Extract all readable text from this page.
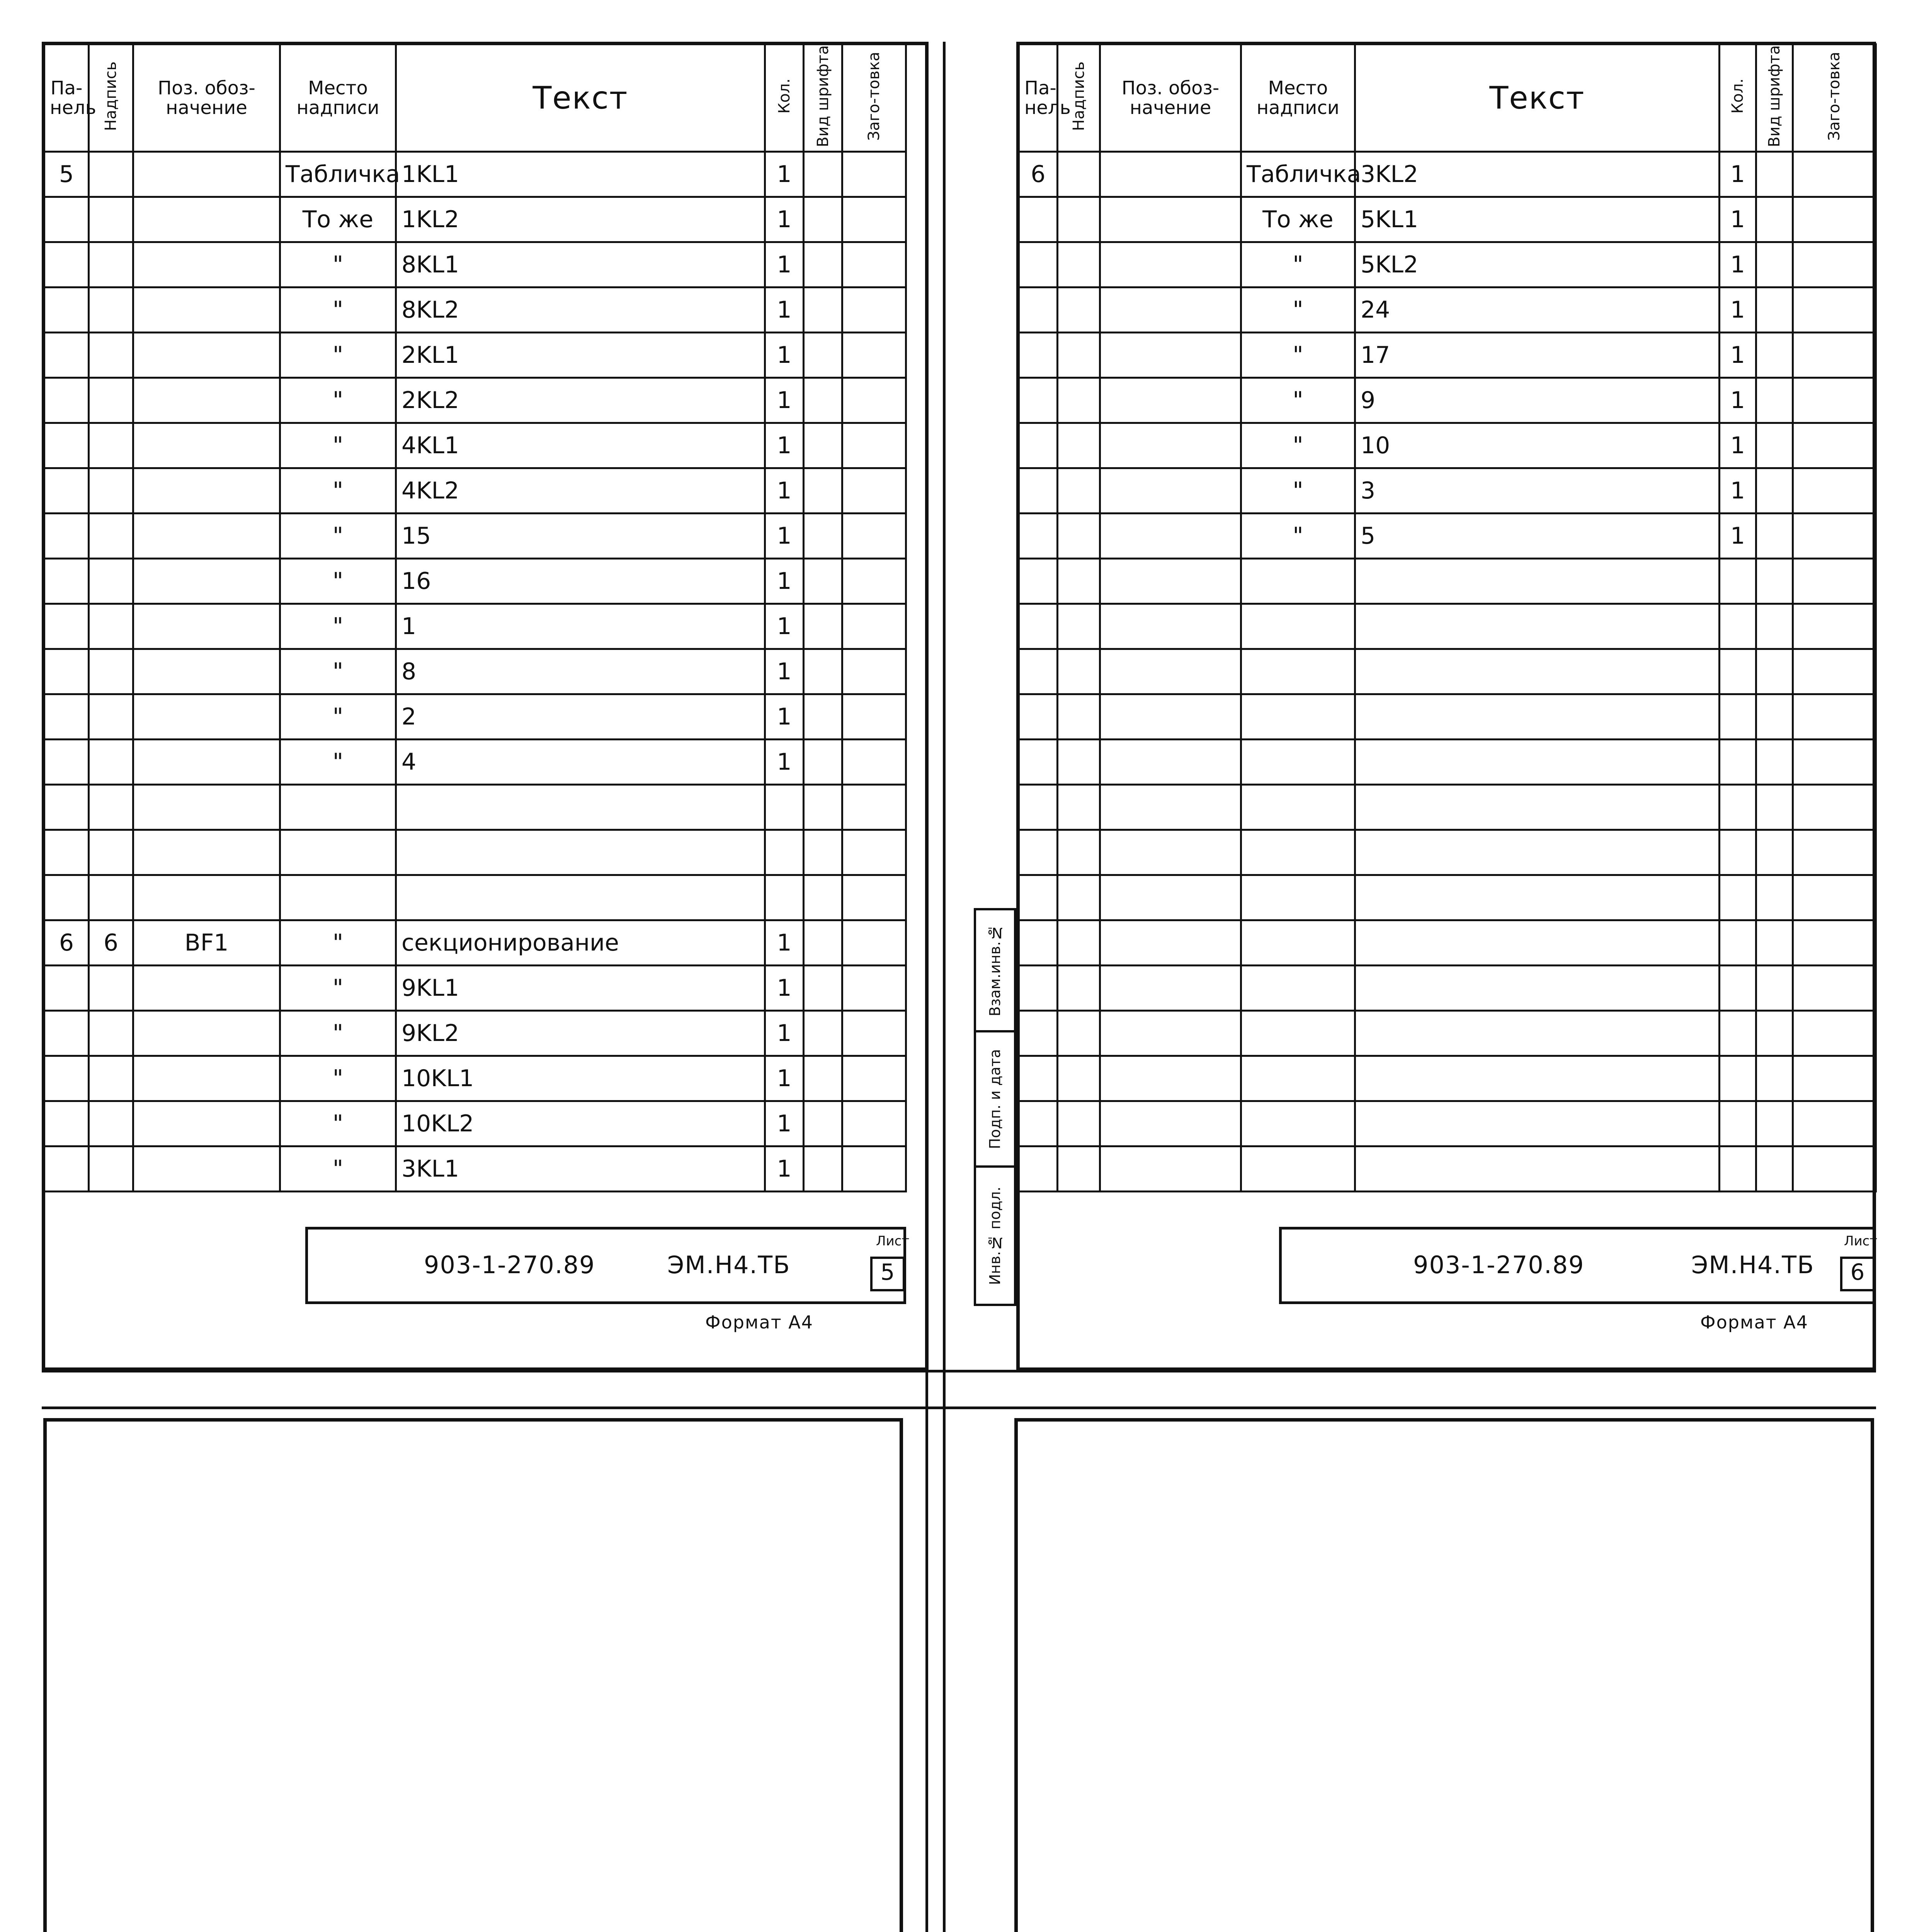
Па-нель	Надпись	Поз. обоз-начение	Место надписи	Текст	Кол.	Вид шрифта	Заго-товка
5			Табличка	1KL1	1		
			То же	1KL2	1		
			"	8KL1	1		
			"	8KL2	1		
			"	2KL1	1		
			"	2KL2	1		
			"	4KL1	1		
			"	4KL2	1		
			"	15	1		
			"	16	1		
			"	1	1		
			"	8	1		
			"	2	1		
			"	4	1		

6	6	BF1	"	секционирование	1		
			"	9KL1	1		
			"	9KL2	1		
			"	10KL1	1		
			"	10KL2	1		
			"	3KL1	1		
903-1-270.89	ЭМ.Н4.ТБ
Лист
5
Формат А4
Взам.инв.№
Подп. и дата
Инв.№ подл.
Па-нель	Надпись	Поз. обоз-начение	Место надписи	Текст	Кол.	Вид шрифта	Заго-товка
6			Табличка	3KL2	1		
			То же	5KL1	1		
			"	5KL2	1		
			"	24	1		
			"	17	1		
			"	9	1		
			"	10	1		
			"	3	1		
			"	5	1		

903-1-270.89	ЭМ.Н4.ТБ
Лист
6
Формат А4
